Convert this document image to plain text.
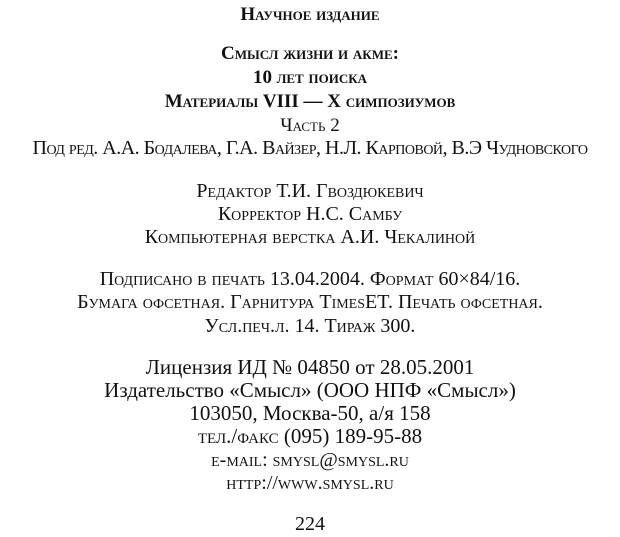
Научное издание
Смысл жизни и акме:
10 лет поиска
Материалы VIII — X симпозиумов
Часть 2
Под ред. А.А. Бодалева, Г.А. Вайзер, Н.Л. Карповой, В.Э Чудновского
Редактор Т.И. Гвоздюкевич
Корректор Н.С. Самбу
Компьютерная верстка А.И. Чекалиной
Подписано в печать 13.04.2004. Формат 60×84/16.
Бумага офсетная. Гарнитура TimesET. Печать офсетная.
Усл.печ.л. 14. Тираж 300.
Лицензия ИД № 04850 от 28.05.2001
Издательство «Смысл» (ООО НПФ «Смысл»)
103050, Москва-50, а/я 158
тел./факс (095) 189-95-88
e-mail: smysl@smysl.ru
http://www.smysl.ru
224
